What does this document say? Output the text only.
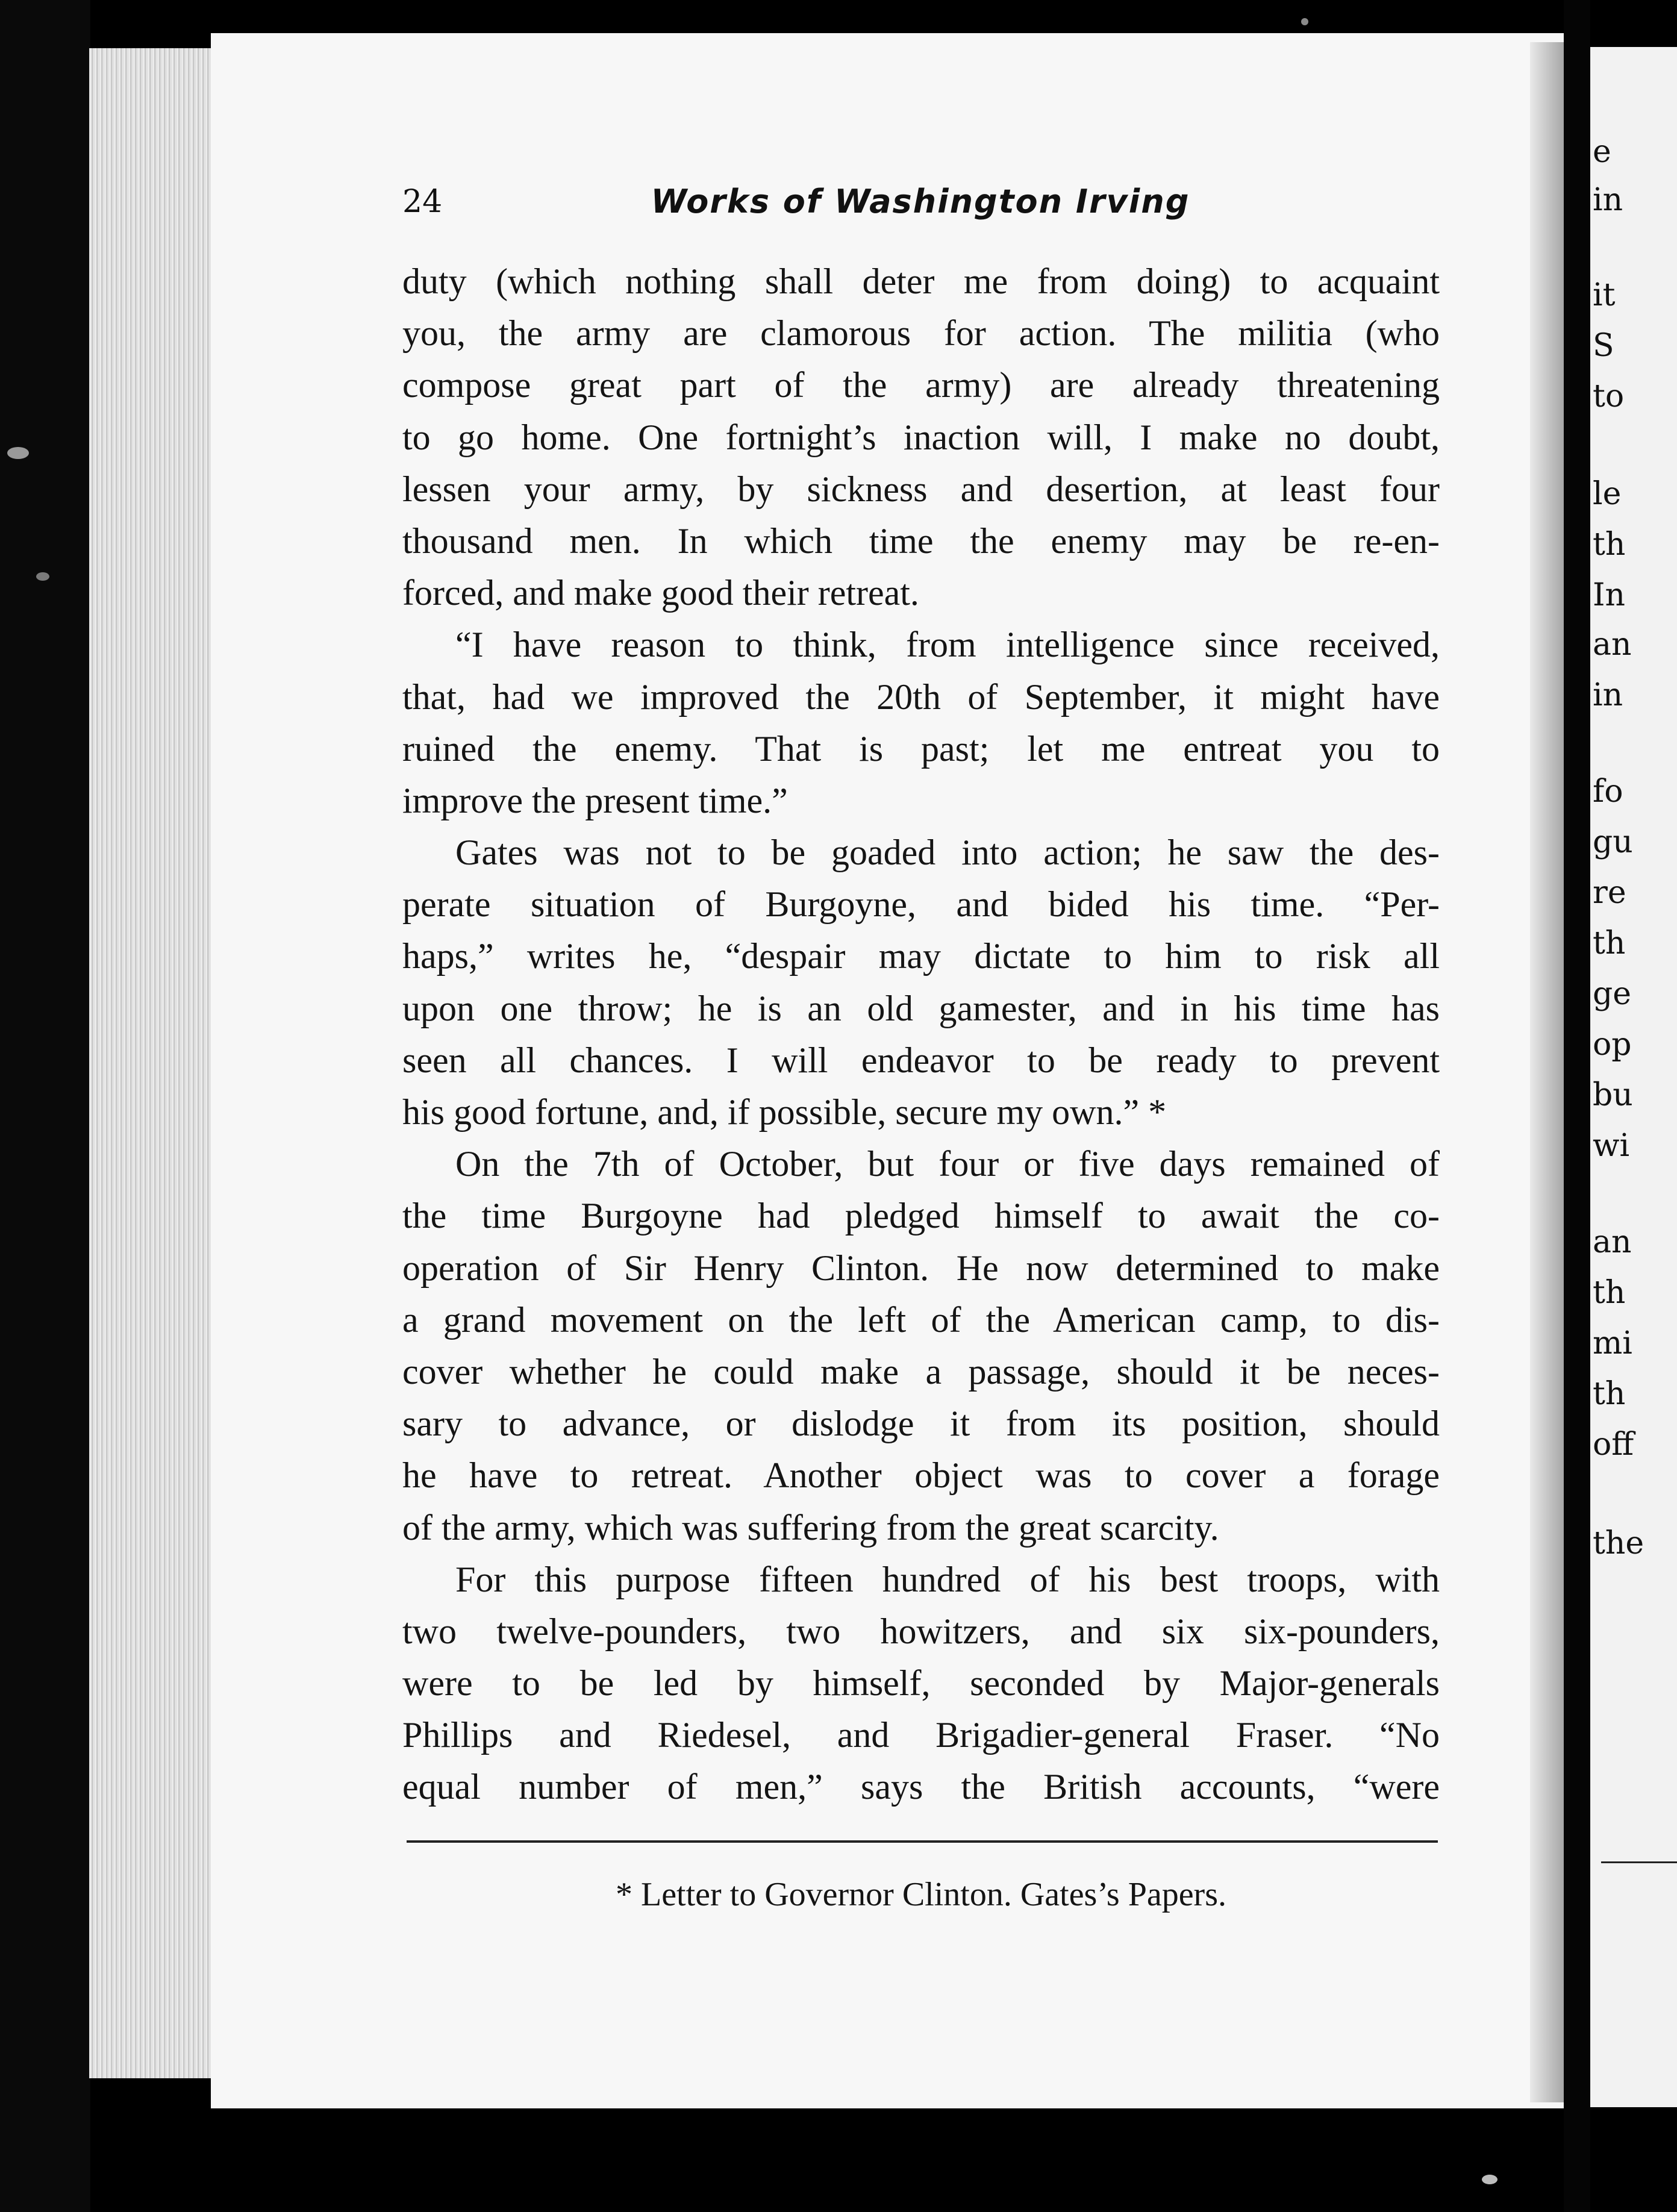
e

in

it

S

to

le

th

In

an

in

fo

gu

re

th

ge

op

bu

wi

an

th

mi

th

off

the

24	Works of Washington Irving

duty (which nothing shall deter me from doing) to acquaint
you, the army are clamorous for action. The militia (who
compose great part of the army) are already threatening
to go home. One fortnight’s inaction will, I make no doubt,
lessen your army, by sickness and desertion, at least four
thousand men. In which time the enemy may be re-en-
forced, and make good their retreat.
“I have reason to think, from intelligence since received,
that, had we improved the 20th of September, it might have
ruined the enemy. That is past; let me entreat you to
improve the present time.”
Gates was not to be goaded into action; he saw the des-
perate situation of Burgoyne, and bided his time. “Per-
haps,” writes he, “despair may dictate to him to risk all
upon one throw; he is an old gamester, and in his time has
seen all chances. I will endeavor to be ready to prevent
his good fortune, and, if possible, secure my own.” *
On the 7th of October, but four or five days remained of
the time Burgoyne had pledged himself to await the co-
operation of Sir Henry Clinton. He now determined to make
a grand movement on the left of the American camp, to dis-
cover whether he could make a passage, should it be neces-
sary to advance, or dislodge it from its position, should
he have to retreat. Another object was to cover a forage
of the army, which was suffering from the great scarcity.
For this purpose fifteen hundred of his best troops, with
two twelve-pounders, two howitzers, and six six-pounders,
were to be led by himself, seconded by Major-generals
Phillips and Riedesel, and Brigadier-general Fraser. “No
equal number of men,” says the British accounts, “were

* Letter to Governor Clinton. Gates’s Papers.
